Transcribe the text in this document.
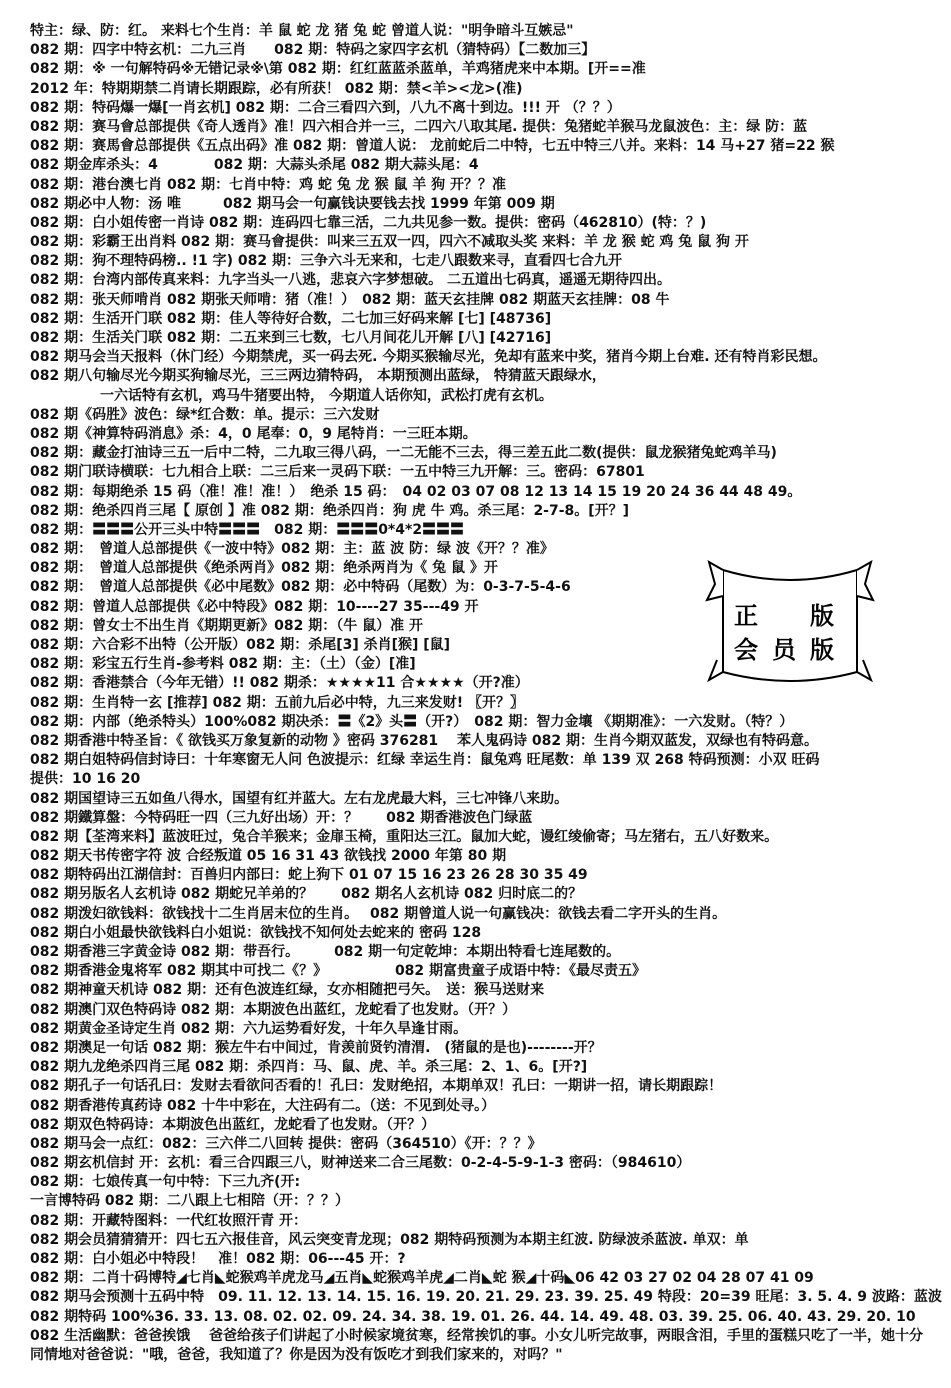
特主：绿、防：红。 来料七个生肖：羊 鼠 蛇 龙 猪 兔 蛇 曾道人说："明争暗斗互嫉忌"
082 期：四字中特玄机：二九三肖　　082 期：特码之家四字玄机（猜特码）【二数加三】
082 期：※ 一句解特码※无错记录※\第 082 期：红红蓝蓝杀蓝单，羊鸡猪虎来中本期。[开==准
2012 年：特期期禁二肖请长期跟踪，必有所获！ 082 期：禁<羊><龙>(准)
082 期：特码爆一爆[一肖玄机] 082 期：二合三看四六到，八九不离十到边。!!! 开 （？？）
082 期：赛马會总部提供《奇人透肖》准！四六相合并一三，二四六八取其尾. 提供：兔猪蛇羊猴马龙鼠波色：主：绿 防：蓝
082 期：赛馬會总部提供《五点出码》准 082 期：曾道人说： 龙前蛇后二中特，七五中特三八并。来料：14 马+27 猪=22 猴
082 期金库杀头：4　　　　082 期：大蒜头杀尾 082 期大蒜头尾：4
082 期：港台澳七肖 082 期：七肖中特：鸡 蛇 兔 龙 猴 鼠 羊 狗 开？？准
082 期必中人物：汤 唯　　　082 期马会一句赢钱诀要钱去找 1999 年第 009 期
082 期：白小姐传密一肖诗 082 期：连码四七靠三活，二九共见参一数。提供：密码（462810）(特：？)
082 期：彩霸王出肖料 082 期：赛马會提供：叫来三五双一四，四六不减取头奖 来料：羊 龙 猴 蛇 鸡 兔 鼠 狗 开
082 期：狗不理特码榜.. !1 字) 082 期：三争六斗无来和，七走八跟数来寻，直看四七合九开
082 期：台湾内部传真来料：九字当头一八逃，悲哀六字梦想破。 二五道出七码真，遥遥无期待四出。
082 期：张天师啃肖 082 期张天师啃：猪（准！）　082 期：蓝天玄挂牌 082 期蓝天玄挂牌：08 牛
082 期：生活开门联 082 期：佳人等待好合数，二七加三好码来解 [七] [48736]
082 期：生活关门联 082 期：二五来到三七数，七八月间花儿开解 [八] [42716]
082 期马会当天报料（休门经）今期禁虎，买一码去死. 今期买猴输尽光，免却有蓝来中奖，猪肖今期上台难. 还有特肖彩民想。
082 期八句输尽光今期买狗输尽光，三三两边猜特码， 本期预测出蓝绿， 特猜蓝天跟绿水，
　　　　　一六话特有玄机，鸡马牛猪要出特， 今期道人话你知，武松打虎有玄机。
082 期《码胜》波色：绿*红合数：单。提示：三六发财
082 期《神算特码消息》杀：4，0 尾奉：0，9 尾特肖：一三旺本期。
082 期：藏金打油诗三五一后中二特，二九取三得八码，一二无能不三去，得三差五此二数(提供：鼠龙猴猪兔蛇鸡羊马)
082 期门联诗横联：七九相合上联：二三后来一灵码下联：一五中特三九开解：三。密码：67801
082 期：每期绝杀 15 码（准！准！准！）　绝杀 15 码：　04 02 03 07 08 12 13 14 15 19 20 24 36 44 48 49。
082 期：绝杀四肖三尾【 原创 】准 082 期：绝杀四肖：狗 虎 牛 鸡。杀三尾：2-7-8。[开？]
082 期：〓〓〓公开三头中特〓〓〓　082 期：〓〓〓0*4*2〓〓〓
082 期：　曾道人总部提供《一波中特》082 期：主：蓝 波 防：绿 波《开？？准》
082 期：　曾道人总部提供《绝杀两肖》082 期：绝杀两肖为《 兔 鼠 》开
082 期：　曾道人总部提供《必中尾数》082 期：必中特码（尾数）为：0-3-7-5-4-6
082 期：曾道人总部提供《必中特段》082 期：10----27 35---49 开
082 期：曾女士不出生肖《期期更新》082 期：（牛 鼠）准 开
082 期：六合彩不出特（公开版）082 期：杀尾[3] 杀肖[猴] [鼠]
082 期：彩宝五行生肖-参考料 082 期：主：（土）（金）[准]
082 期：香港禁合（今年无错）!! 082 期杀：★★★★11 合★★★★（开?准）
082 期：生肖特一玄 [推荐] 082 期：五前九后必中特，九三来发财! 〖开？〗
082 期：内部（绝杀特头）100%082 期决杀：〓《2》头〓（开?）　082 期：智力金壤 《期期准》：一六发财。（特？）
082 期香港中特圣旨：《 欲钱买万象复新的动物 》密码 376281　 苯人鬼码诗 082 期：生肖今期双蓝发，双绿也有特码意。
082 期白姐特码信封诗曰：十年寒窗无人问 色波提示：红绿 幸运生肖：鼠兔鸡 旺尾数：单 139 双 268 特码预测：小双 旺码
提供：10 16 20
082 期国望诗三五如鱼八得水，国望有红并蓝大。左右龙虎最大料，三七冲锋八来助。
082 期鐵算盤：今特码旺一四（三九好出场）开：？　　082 期香港波色门绿蓝
082 期【荃湾来料】蓝波旺过，兔合羊猴来；金扉玉椅，重阳达三江。鼠加大蛇，谩红绫偷寄；马左猪右，五八好数来。
082 期天书传密字符 波 合经叛道 05 16 31 43 欲钱找 2000 年第 80 期
082 期特码出江湖信封：百兽归内部曰：蛇上狗下 01 07 15 16 23 26 28 30 35 49
082 期另版名人玄机诗 082 期蛇兄羊弟的？　　082 期名人玄机诗 082 归时底二的？
082 期泼妇欲钱料：欲钱找十二生肖居末位的生肖。　 082 期曾道人说一句赢钱决：欲钱去看二字开头的生肖。
082 期白小姐最快欲钱料白小姐说：欲钱找不知何处去蛇来的 密码 128
082 期香港三字黄金诗 082 期：带吾行。　　　082 期一句定乾坤：本期出特看七连尾数的。
082 期香港金鬼将军 082 期其中可找二《？》　　　　　 082 期富贵童子成语中特：《最尽责五》
082 期神童天机诗 082 期：还有色波连红绿，女亦相随把弓矢。　送：猴马送财来
082 期澳门双色特码诗 082 期：本期波色出蓝红，龙蛇看了也发财。（开？）
082 期黄金圣诗定生肖 082 期：六九运势看好发，十年久旱逢甘雨。
082 期澳足一句话 082 期：猴左牛右中间过，肯羡前贤钓清渭.　(猪鼠的是也)--------开？
082 期九龙绝杀四肖三尾 082 期：杀四肖：马、鼠、虎、羊。杀三尾：2、1、6。[开?]
082 期孔子一句话孔曰：发财去看欲问否看的！孔曰：发财绝招，本期单双！孔曰：一期讲一招，请长期跟踪！
082 期香港传真药诗 082 十牛中彩在，大注码有二。（送：不见到处寻。）
082 期双色特码诗：本期波色出蓝红，龙蛇看了也发财。（开？）
082 期马会一点红：082：三六伴二八回转 提供：密码（364510）《开：？？》
082 期玄机信封 开：玄机：看三合四跟三八，财神送来二合三尾数：0-2-4-5-9-1-3 密码：（984610）
082 期：七娘传真一句中特：下三九齐(开:
一言博特码 082 期：二八跟上七相陪（开：？？）
082 期：开藏特图料：一代红妆照汗青 开：
082 期会员猜猜猜开：四七五六报佳音，风云突变青龙现；082 期特码预测为本期主红波. 防绿波杀蓝波. 单双：单
082 期：白小姐必中特段！　准！082 期：06---45 开：?
082 期：二肖十码博特◢七肖◣蛇猴鸡羊虎龙马◢五肖◣蛇猴鸡羊虎◢二肖◣蛇 猴◢十码◣06 42 03 27 02 04 28 07 41 09
082 期马会预测十五码中特　09. 11. 12. 13. 14. 15. 16. 19. 20. 21. 29. 23. 39. 25. 49 特段：20=39 旺尾：3. 5. 4. 9 波路：蓝波
082 期特码 100%36. 33. 13. 08. 02. 02. 09. 24. 34. 38. 19. 01. 26. 44. 14. 49. 48. 03. 39. 25. 06. 40. 43. 29. 20. 10
082 生活幽默：爸爸挨饿　 爸爸给孩子们讲起了小时候家境贫寒，经常挨饥的事。小女儿听完故事，两眼含泪，手里的蛋糕只吃了一半，她十分同情地对爸爸说："哦，爸爸，我知道了？你是因为没有饭吃才到我们家来的，对吗？"
正　版
会员版
